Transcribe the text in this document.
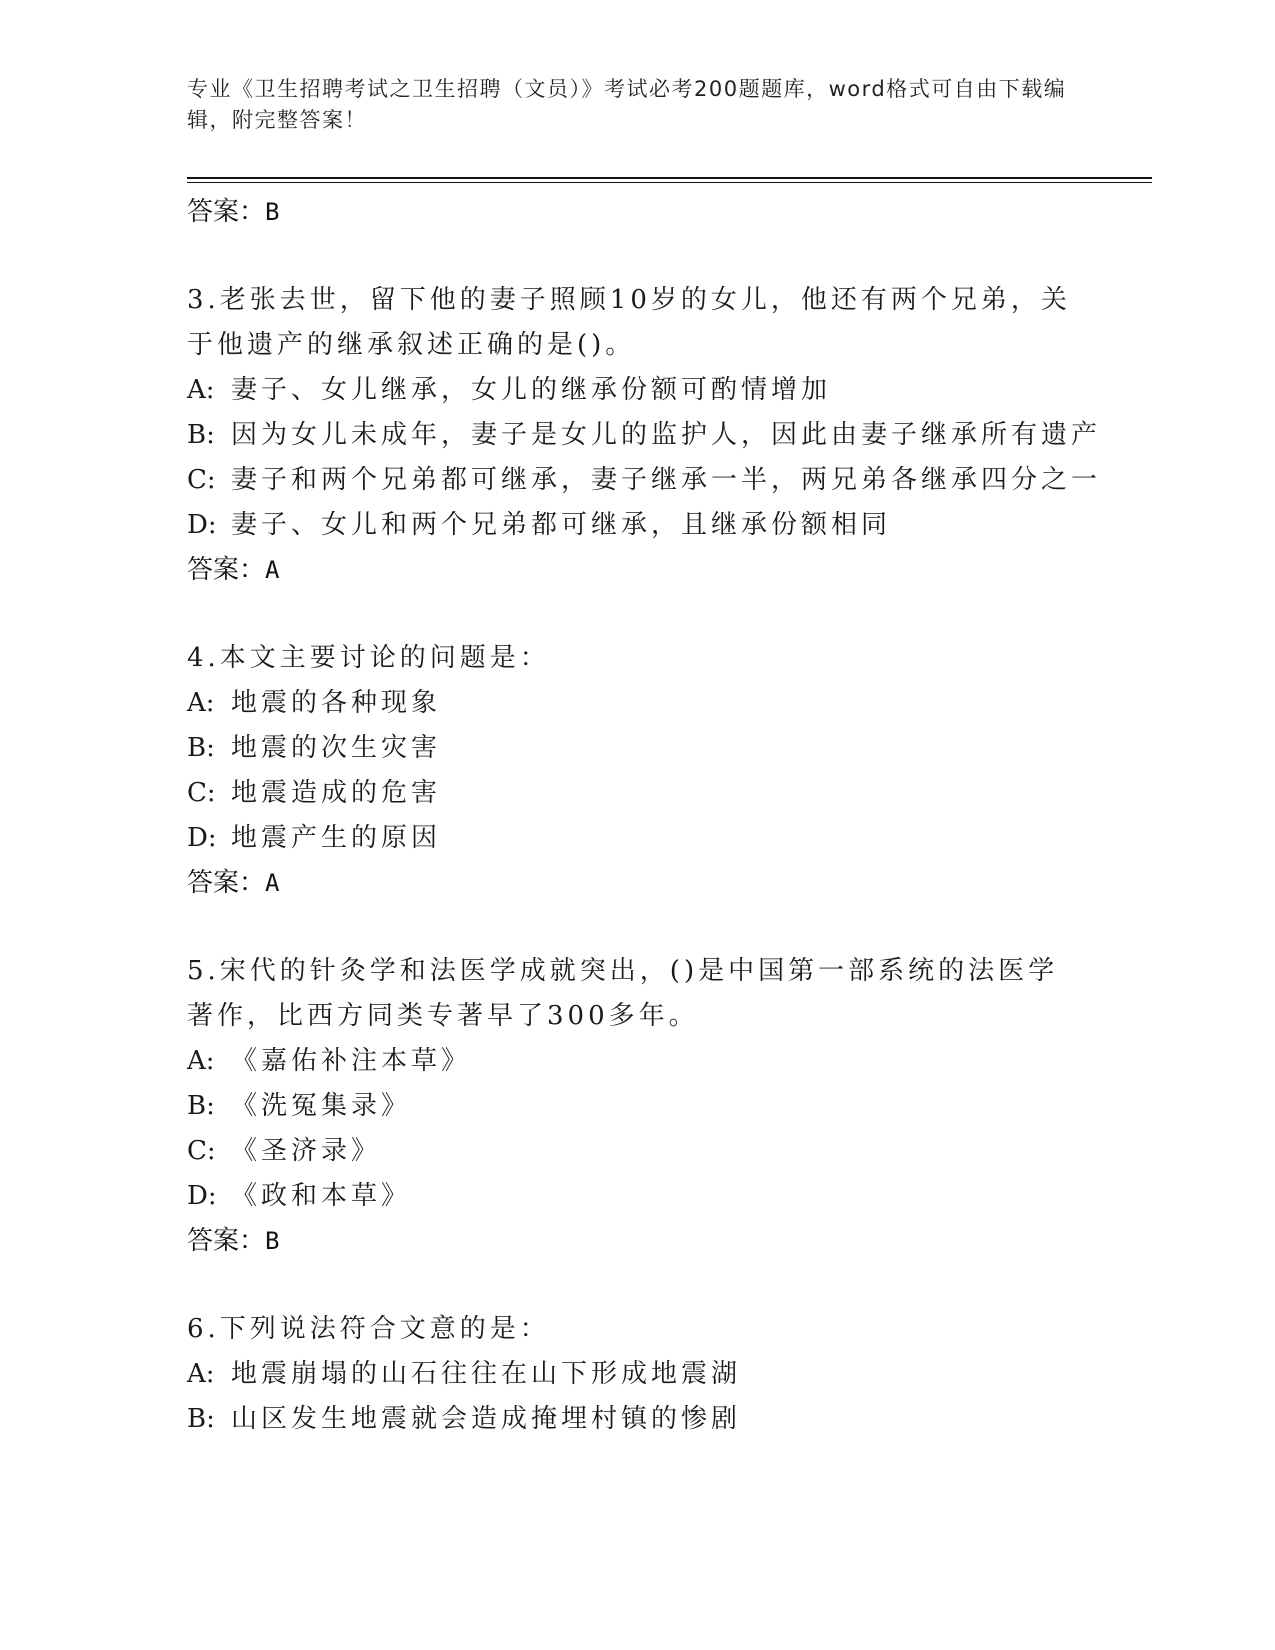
专业《卫生招聘考试之卫生招聘（文员）》考试必考200题题库，word格式可自由下载编辑，附完整答案！
答案：B
3.老张去世，留下他的妻子照顾10岁的女儿，他还有两个兄弟，关于他遗产的继承叙述正确的是()。
A: 妻子、女儿继承，女儿的继承份额可酌情增加
B: 因为女儿未成年，妻子是女儿的监护人，因此由妻子继承所有遗产
C: 妻子和两个兄弟都可继承，妻子继承一半，两兄弟各继承四分之一
D: 妻子、女儿和两个兄弟都可继承，且继承份额相同
答案：A
4.本文主要讨论的问题是：
A: 地震的各种现象
B: 地震的次生灾害
C: 地震造成的危害
D: 地震产生的原因
答案：A
5.宋代的针灸学和法医学成就突出，()是中国第一部系统的法医学著作，比西方同类专著早了300多年。
A: 《嘉佑补注本草》
B: 《洗冤集录》
C: 《圣济录》
D: 《政和本草》
答案：B
6.下列说法符合文意的是：
A: 地震崩塌的山石往往在山下形成地震湖
B: 山区发生地震就会造成掩埋村镇的惨剧
